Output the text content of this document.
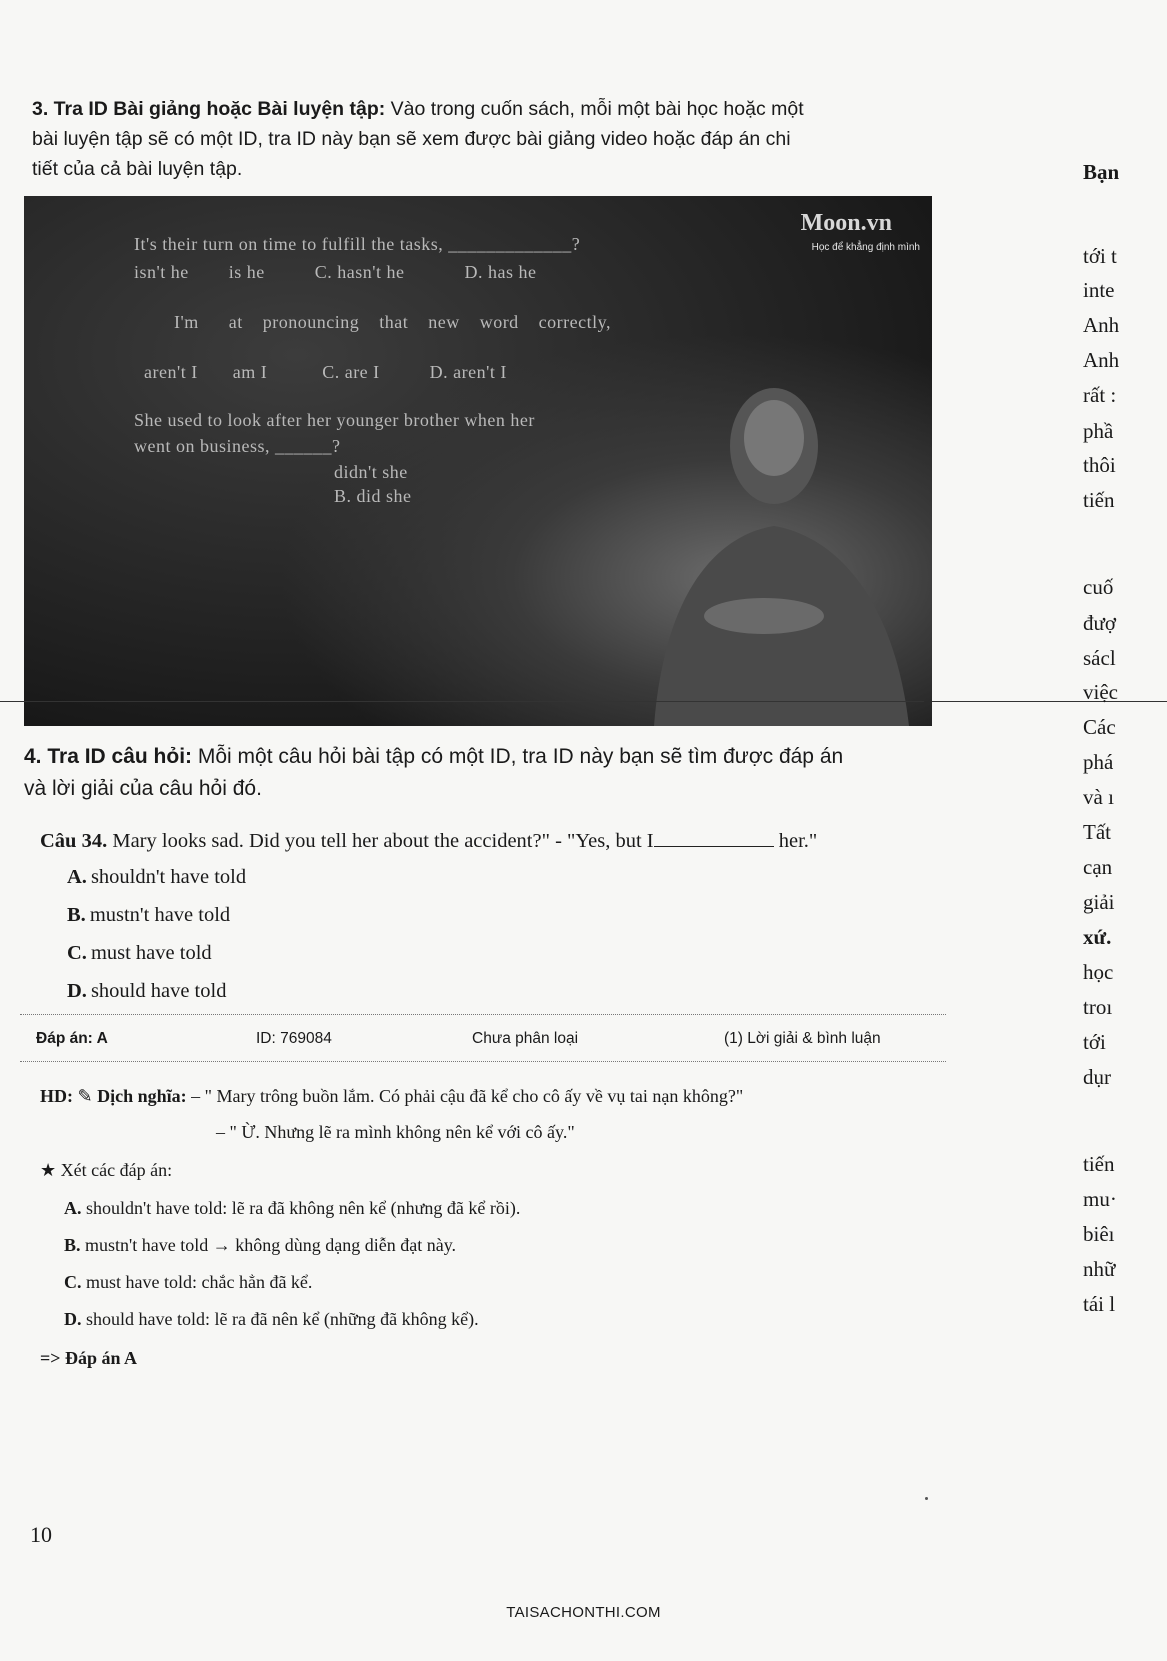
3. Tra ID Bài giảng hoặc Bài luyện tập: Vào trong cuốn sách, mỗi một bài học hoặc một
bài luyện tập sẽ có một ID, tra ID này bạn sẽ xem được bài giảng video hoặc đáp án chi
tiết của cả bài luyện tập.
Moon.vn
Học để khẳng định mình
It's their turn on time to fulfill the tasks, _____________?
isn't he        is he          C. hasn't he            D. has he
I'm      at    pronouncing    that    new    word    correctly,
aren't I       am I           C. are I          D. aren't I
She used to look after her younger brother when her
went on business, ______?
didn't she
B. did she
Bạn
tới t
inte
Anh
Anh
rất :
phầ
thôi
tiến
cuố
đượ
sácl
việc
Các
phá
và ı
Tất
cạn
giải
xứ.
học
troı
tới
dụr
tiến
mu·
biêı
nhữ
tái l
4. Tra ID câu hỏi: Mỗi một câu hỏi bài tập có một ID, tra ID này bạn sẽ tìm được đáp án
và lời giải của câu hỏi đó.
Câu 34. Mary looks sad. Did you tell her about the accident?" - "Yes, but I	her."
A. shouldn't have told
B. mustn't have told
C. must have told
D. should have told
Đáp án: A	ID: 769084	Chưa phân loại	(1) Lời giải & bình luận
HD: ✎ Dịch nghĩa: – " Mary trông buồn lắm. Có phải cậu đã kể cho cô ấy về vụ tai nạn không?"
– " Ừ. Nhưng lẽ ra mình không nên kể với cô ấy."
★ Xét các đáp án:
A. shouldn't have told: lẽ ra đã không nên kể (nhưng đã kể rồi).
B. mustn't have told → không dùng dạng diễn đạt này.
C. must have told: chắc hẳn đã kể.
D. should have told: lẽ ra đã nên kể (những đã không kể).
=> Đáp án A
10
TAISACHONTHI.COM
